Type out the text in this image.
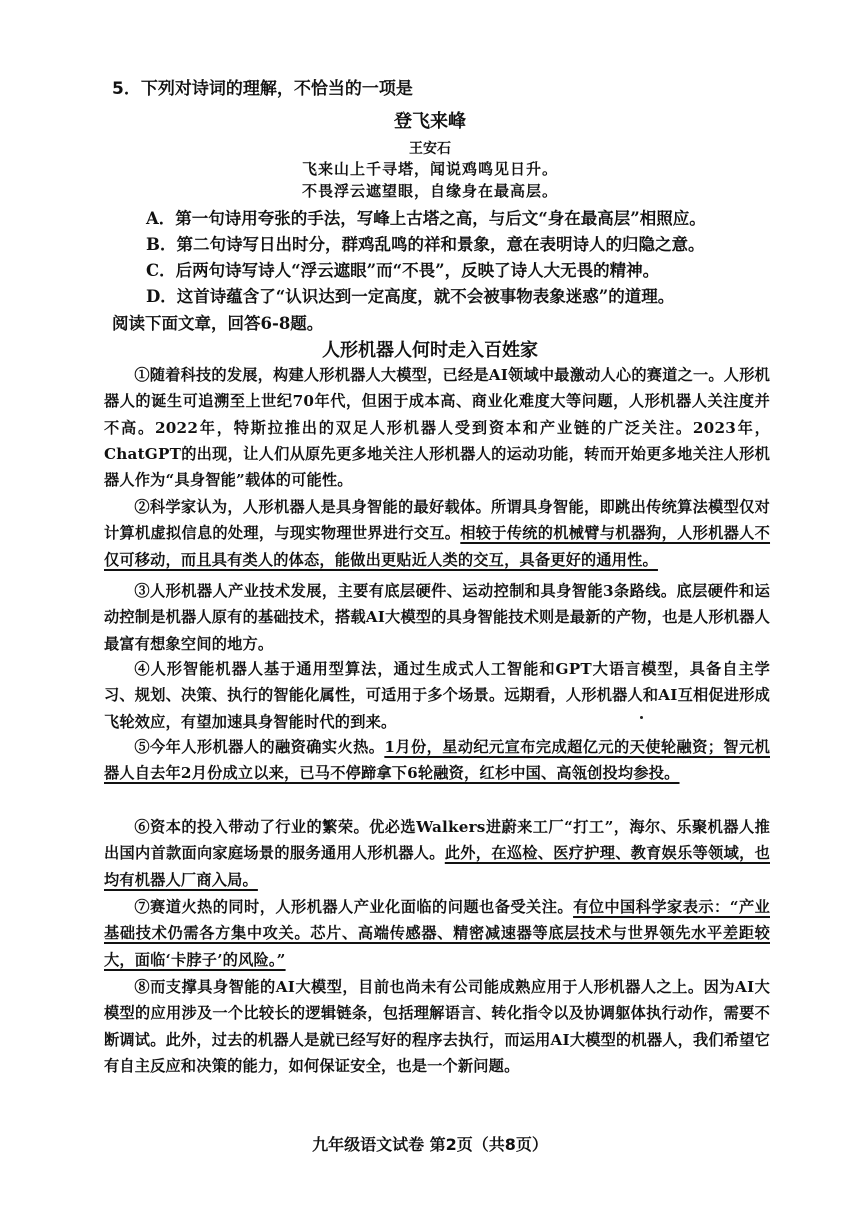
5．下列对诗词的理解，不恰当的一项是
登飞来峰
王安石
飞来山上千寻塔，闻说鸡鸣见日升。
不畏浮云遮望眼，自缘身在最高层。
A．第一句诗用夸张的手法，写峰上古塔之高，与后文“身在最高层”相照应。
B．第二句诗写日出时分，群鸡乱鸣的祥和景象，意在表明诗人的归隐之意。
C．后两句诗写诗人“浮云遮眼”而“不畏”，反映了诗人大无畏的精神。
D．这首诗蕴含了“认识达到一定高度，就不会被事物表象迷惑”的道理。
阅读下面文章，回答6-8题。
人形机器人何时走入百姓家
①随着科技的发展，构建人形机器人大模型，已经是AI领域中最激动人心的赛道之一。人形机器人的诞生可追溯至上世纪70年代，但困于成本高、商业化难度大等问题，人形机器人关注度并不高。2022年，特斯拉推出的双足人形机器人受到资本和产业链的广泛关注。2023年，ChatGPT的出现，让人们从原先更多地关注人形机器人的运动功能，转而开始更多地关注人形机器人作为“具身智能”载体的可能性。
②科学家认为，人形机器人是具身智能的最好载体。所谓具身智能，即跳出传统算法模型仅对计算机虚拟信息的处理，与现实物理世界进行交互。相较于传统的机械臂与机器狗，人形机器人不仅可移动，而且具有类人的体态，能做出更贴近人类的交互，具备更好的通用性。
③人形机器人产业技术发展，主要有底层硬件、运动控制和具身智能3条路线。底层硬件和运动控制是机器人原有的基础技术，搭载AI大模型的具身智能技术则是最新的产物，也是人形机器人最富有想象空间的地方。
④人形智能机器人基于通用型算法，通过生成式人工智能和GPT大语言模型，具备自主学习、规划、决策、执行的智能化属性，可适用于多个场景。远期看，人形机器人和AI互相促进形成飞轮效应，有望加速具身智能时代的到来。
⑤今年人形机器人的融资确实火热。1月份，星动纪元宣布完成超亿元的天使轮融资；智元机器人自去年2月份成立以来，已马不停蹄拿下6轮融资，红杉中国、高瓴创投均参投。
⑥资本的投入带动了行业的繁荣。优必选Walkers进蔚来工厂“打工”，海尔、乐聚机器人推出国内首款面向家庭场景的服务通用人形机器人。此外，在巡检、医疗护理、教育娱乐等领域，也均有机器人厂商入局。
⑦赛道火热的同时，人形机器人产业化面临的问题也备受关注。有位中国科学家表示：“产业基础技术仍需各方集中攻关。芯片、高端传感器、精密减速器等底层技术与世界领先水平差距较大，面临‘卡脖子’的风险。”
⑧而支撑具身智能的AI大模型，目前也尚未有公司能成熟应用于人形机器人之上。因为AI大模型的应用涉及一个比较长的逻辑链条，包括理解语言、转化指令以及协调躯体执行动作，需要不断调试。此外，过去的机器人是就已经写好的程序去执行，而运用AI大模型的机器人，我们希望它有自主反应和决策的能力，如何保证安全，也是一个新问题。
九年级语文试卷 第2页（共8页）
